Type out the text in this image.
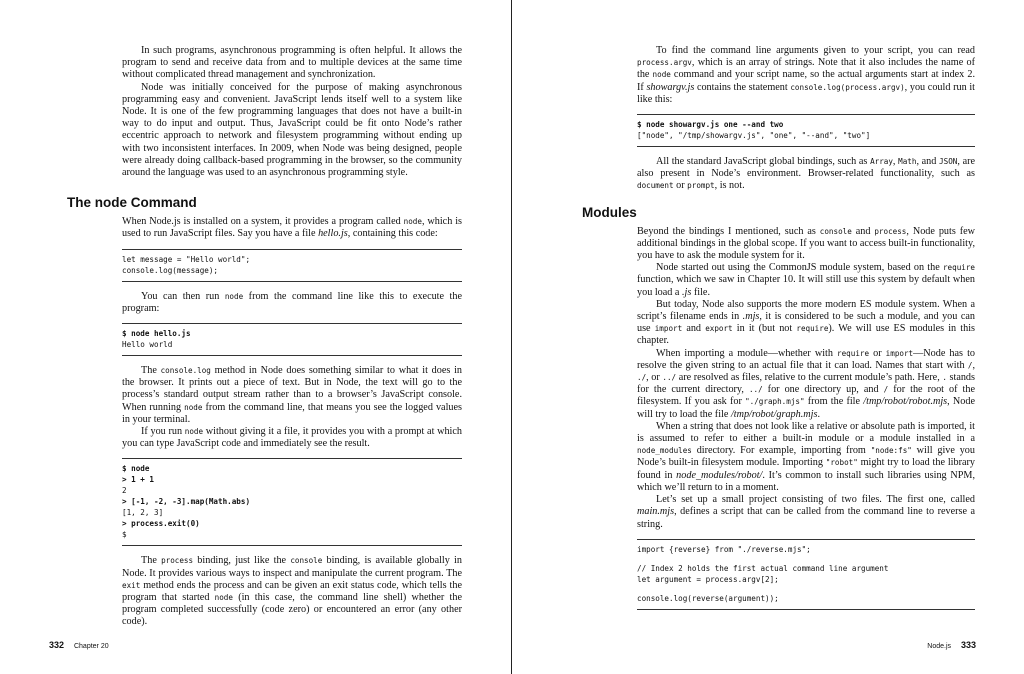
In such programs, asynchronous programming is often helpful. It allows the program to send and receive data from and to multiple devices at the same time without complicated thread management and synchronization.

Node was initially conceived for the purpose of making asynchronous programming easy and convenient. JavaScript lends itself well to a system like Node. It is one of the few programming languages that does not have a built-in way to do input and output. Thus, JavaScript could be fit onto Node’s rather eccentric approach to network and filesystem programming without ending up with two inconsistent interfaces. In 2009, when Node was being designed, people were already doing callback-based programming in the browser, so the community around the language was used to an asynchronous programming style.

The node Command

When Node.js is installed on a system, it provides a program called node, which is used to run JavaScript files. Say you have a file hello.js, containing this code:

let message = "Hello world";
console.log(message);

You can then run node from the command line like this to execute the program:

$ node hello.js
Hello world

The console.log method in Node does something similar to what it does in the browser. It prints out a piece of text. But in Node, the text will go to the process’s standard output stream rather than to a browser’s JavaScript console. When running node from the command line, that means you see the logged values in your terminal.

If you run node without giving it a file, it provides you with a prompt at which you can type JavaScript code and immediately see the result.

$ node
> 1 + 1
2
> [-1, -2, -3].map(Math.abs)
[1, 2, 3]
> process.exit(0)
$

The process binding, just like the console binding, is available globally in Node. It provides various ways to inspect and manipulate the current program. The exit method ends the process and can be given an exit status code, which tells the program that started node (in this case, the command line shell) whether the program completed successfully (code zero) or encountered an error (any other code).

332 Chapter 20

To find the command line arguments given to your script, you can read process.argv, which is an array of strings. Note that it also includes the name of the node command and your script name, so the actual arguments start at index 2. If showargv.js contains the statement console.log(process.argv), you could run it like this:

$ node showargv.js one --and two
["node", "/tmp/showargv.js", "one", "--and", "two"]

All the standard JavaScript global bindings, such as Array, Math, and JSON, are also present in Node’s environment. Browser-related functionality, such as document or prompt, is not.

Modules

Beyond the bindings I mentioned, such as console and process, Node puts few additional bindings in the global scope. If you want to access built-in functionality, you have to ask the module system for it.

Node started out using the CommonJS module system, based on the require function, which we saw in Chapter 10. It will still use this system by default when you load a .js file.

But today, Node also supports the more modern ES module system. When a script’s filename ends in .mjs, it is considered to be such a module, and you can use import and export in it (but not require). We will use ES modules in this chapter.

When importing a module—whether with require or import—Node has to resolve the given string to an actual file that it can load. Names that start with /, ./, or ../ are resolved as files, relative to the current module’s path. Here, . stands for the current directory, ../ for one directory up, and / for the root of the filesystem. If you ask for "./graph.mjs" from the file /tmp/robot/robot.mjs, Node will try to load the file /tmp/robot/graph.mjs.

When a string that does not look like a relative or absolute path is imported, it is assumed to refer to either a built-in module or a module installed in a node_modules directory. For example, importing from "node:fs" will give you Node’s built-in filesystem module. Importing "robot" might try to load the library found in node_modules/robot/. It’s common to install such libraries using NPM, which we’ll return to in a moment.

Let’s set up a small project consisting of two files. The first one, called main.mjs, defines a script that can be called from the command line to reverse a string.

import {reverse} from "./reverse.mjs";
// Index 2 holds the first actual command line argument
let argument = process.argv[2];
console.log(reverse(argument));
Node.js 333
